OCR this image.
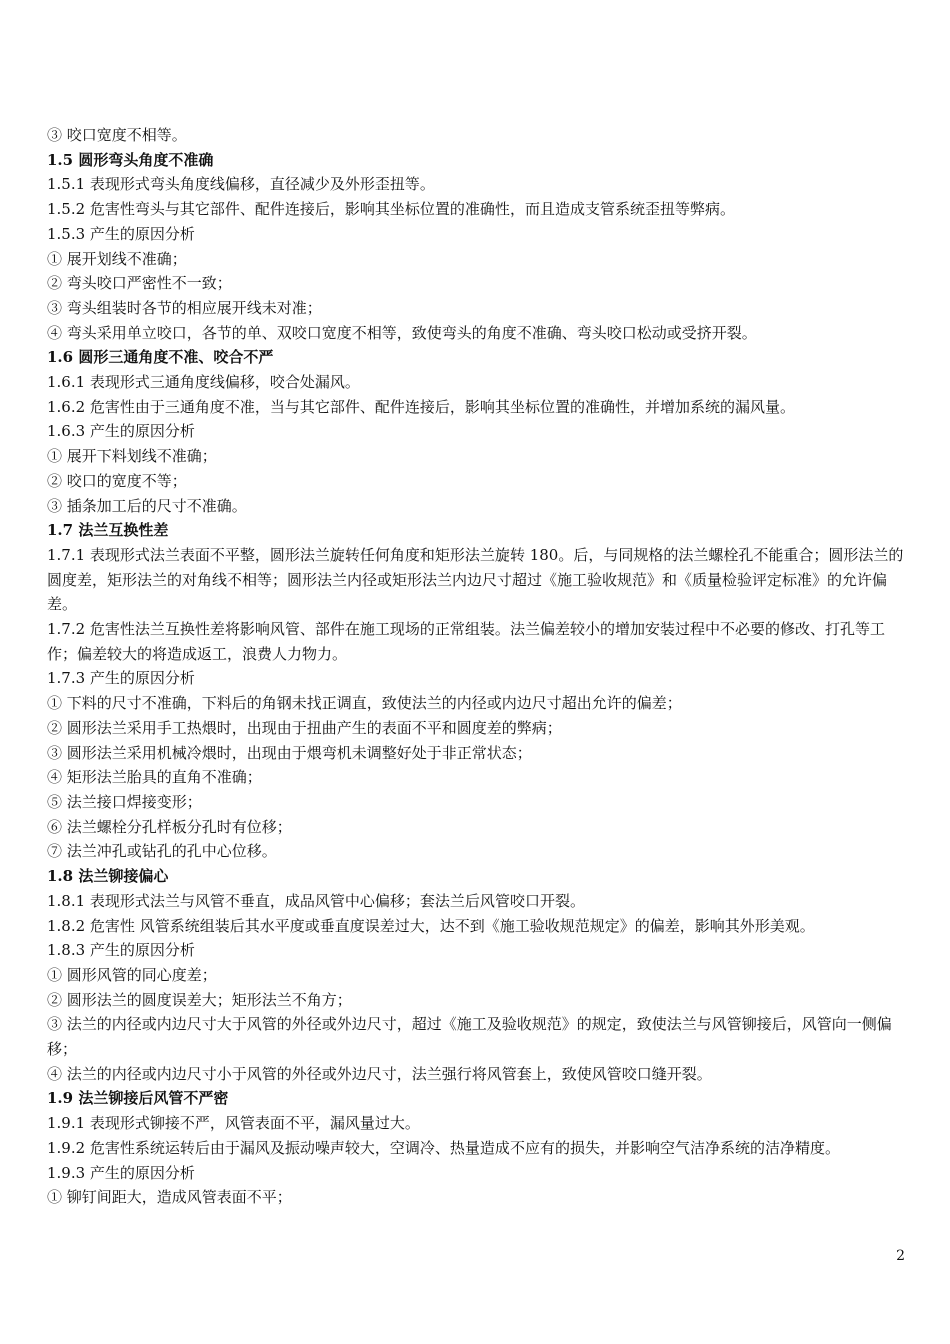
③ 咬口宽度不相等。

1.5 圆形弯头角度不准确

1.5.1 表现形式弯头角度线偏移，直径减少及外形歪扭等。

1.5.2 危害性弯头与其它部件、配件连接后，影响其坐标位置的准确性，而且造成支管系统歪扭等弊病。

1.5.3 产生的原因分析

① 展开划线不准确；

② 弯头咬口严密性不一致；

③ 弯头组装时各节的相应展开线未对准；

④ 弯头采用单立咬口，各节的单、双咬口宽度不相等，致使弯头的角度不准确、弯头咬口松动或受挤开裂。

1.6 圆形三通角度不准、咬合不严

1.6.1 表现形式三通角度线偏移，咬合处漏风。

1.6.2 危害性由于三通角度不准，当与其它部件、配件连接后，影响其坐标位置的准确性，并增加系统的漏风量。

1.6.3 产生的原因分析

① 展开下料划线不准确；

② 咬口的宽度不等；

③ 插条加工后的尺寸不准确。

1.7 法兰互换性差

1.7.1 表现形式法兰表面不平整，圆形法兰旋转任何角度和矩形法兰旋转 180。后，与同规格的法兰螺栓孔不能重合；圆形法兰的圆度差，矩形法兰的对角线不相等；圆形法兰内径或矩形法兰内边尺寸超过《施工验收规范》和《质量检验评定标准》的允许偏差。

1.7.2 危害性法兰互换性差将影响风管、部件在施工现场的正常组装。法兰偏差较小的增加安装过程中不必要的修改、打孔等工作；偏差较大的将造成返工，浪费人力物力。

1.7.3 产生的原因分析

① 下料的尺寸不准确，下料后的角钢未找正调直，致使法兰的内径或内边尺寸超出允许的偏差；

② 圆形法兰采用手工热煨时，出现由于扭曲产生的表面不平和圆度差的弊病；

③ 圆形法兰采用机械冷煨时，出现由于煨弯机未调整好处于非正常状态；

④ 矩形法兰胎具的直角不准确；

⑤ 法兰接口焊接变形；

⑥ 法兰螺栓分孔样板分孔时有位移；

⑦ 法兰冲孔或钻孔的孔中心位移。

1.8 法兰铆接偏心

1.8.1 表现形式法兰与风管不垂直，成品风管中心偏移；套法兰后风管咬口开裂。

1.8.2 危害性 风管系统组装后其水平度或垂直度误差过大，达不到《施工验收规范规定》的偏差，影响其外形美观。

1.8.3 产生的原因分析

① 圆形风管的同心度差；

② 圆形法兰的圆度误差大；矩形法兰不角方；

③ 法兰的内径或内边尺寸大于风管的外径或外边尺寸，超过《施工及验收规范》的规定，致使法兰与风管铆接后，风管向一侧偏移；

④ 法兰的内径或内边尺寸小于风管的外径或外边尺寸，法兰强行将风管套上，致使风管咬口缝开裂。

1.9 法兰铆接后风管不严密

1.9.1 表现形式铆接不严，风管表面不平，漏风量过大。

1.9.2 危害性系统运转后由于漏风及振动噪声较大，空调冷、热量造成不应有的损失，并影响空气洁净系统的洁净精度。

1.9.3 产生的原因分析

① 铆钉间距大，造成风管表面不平；

2
